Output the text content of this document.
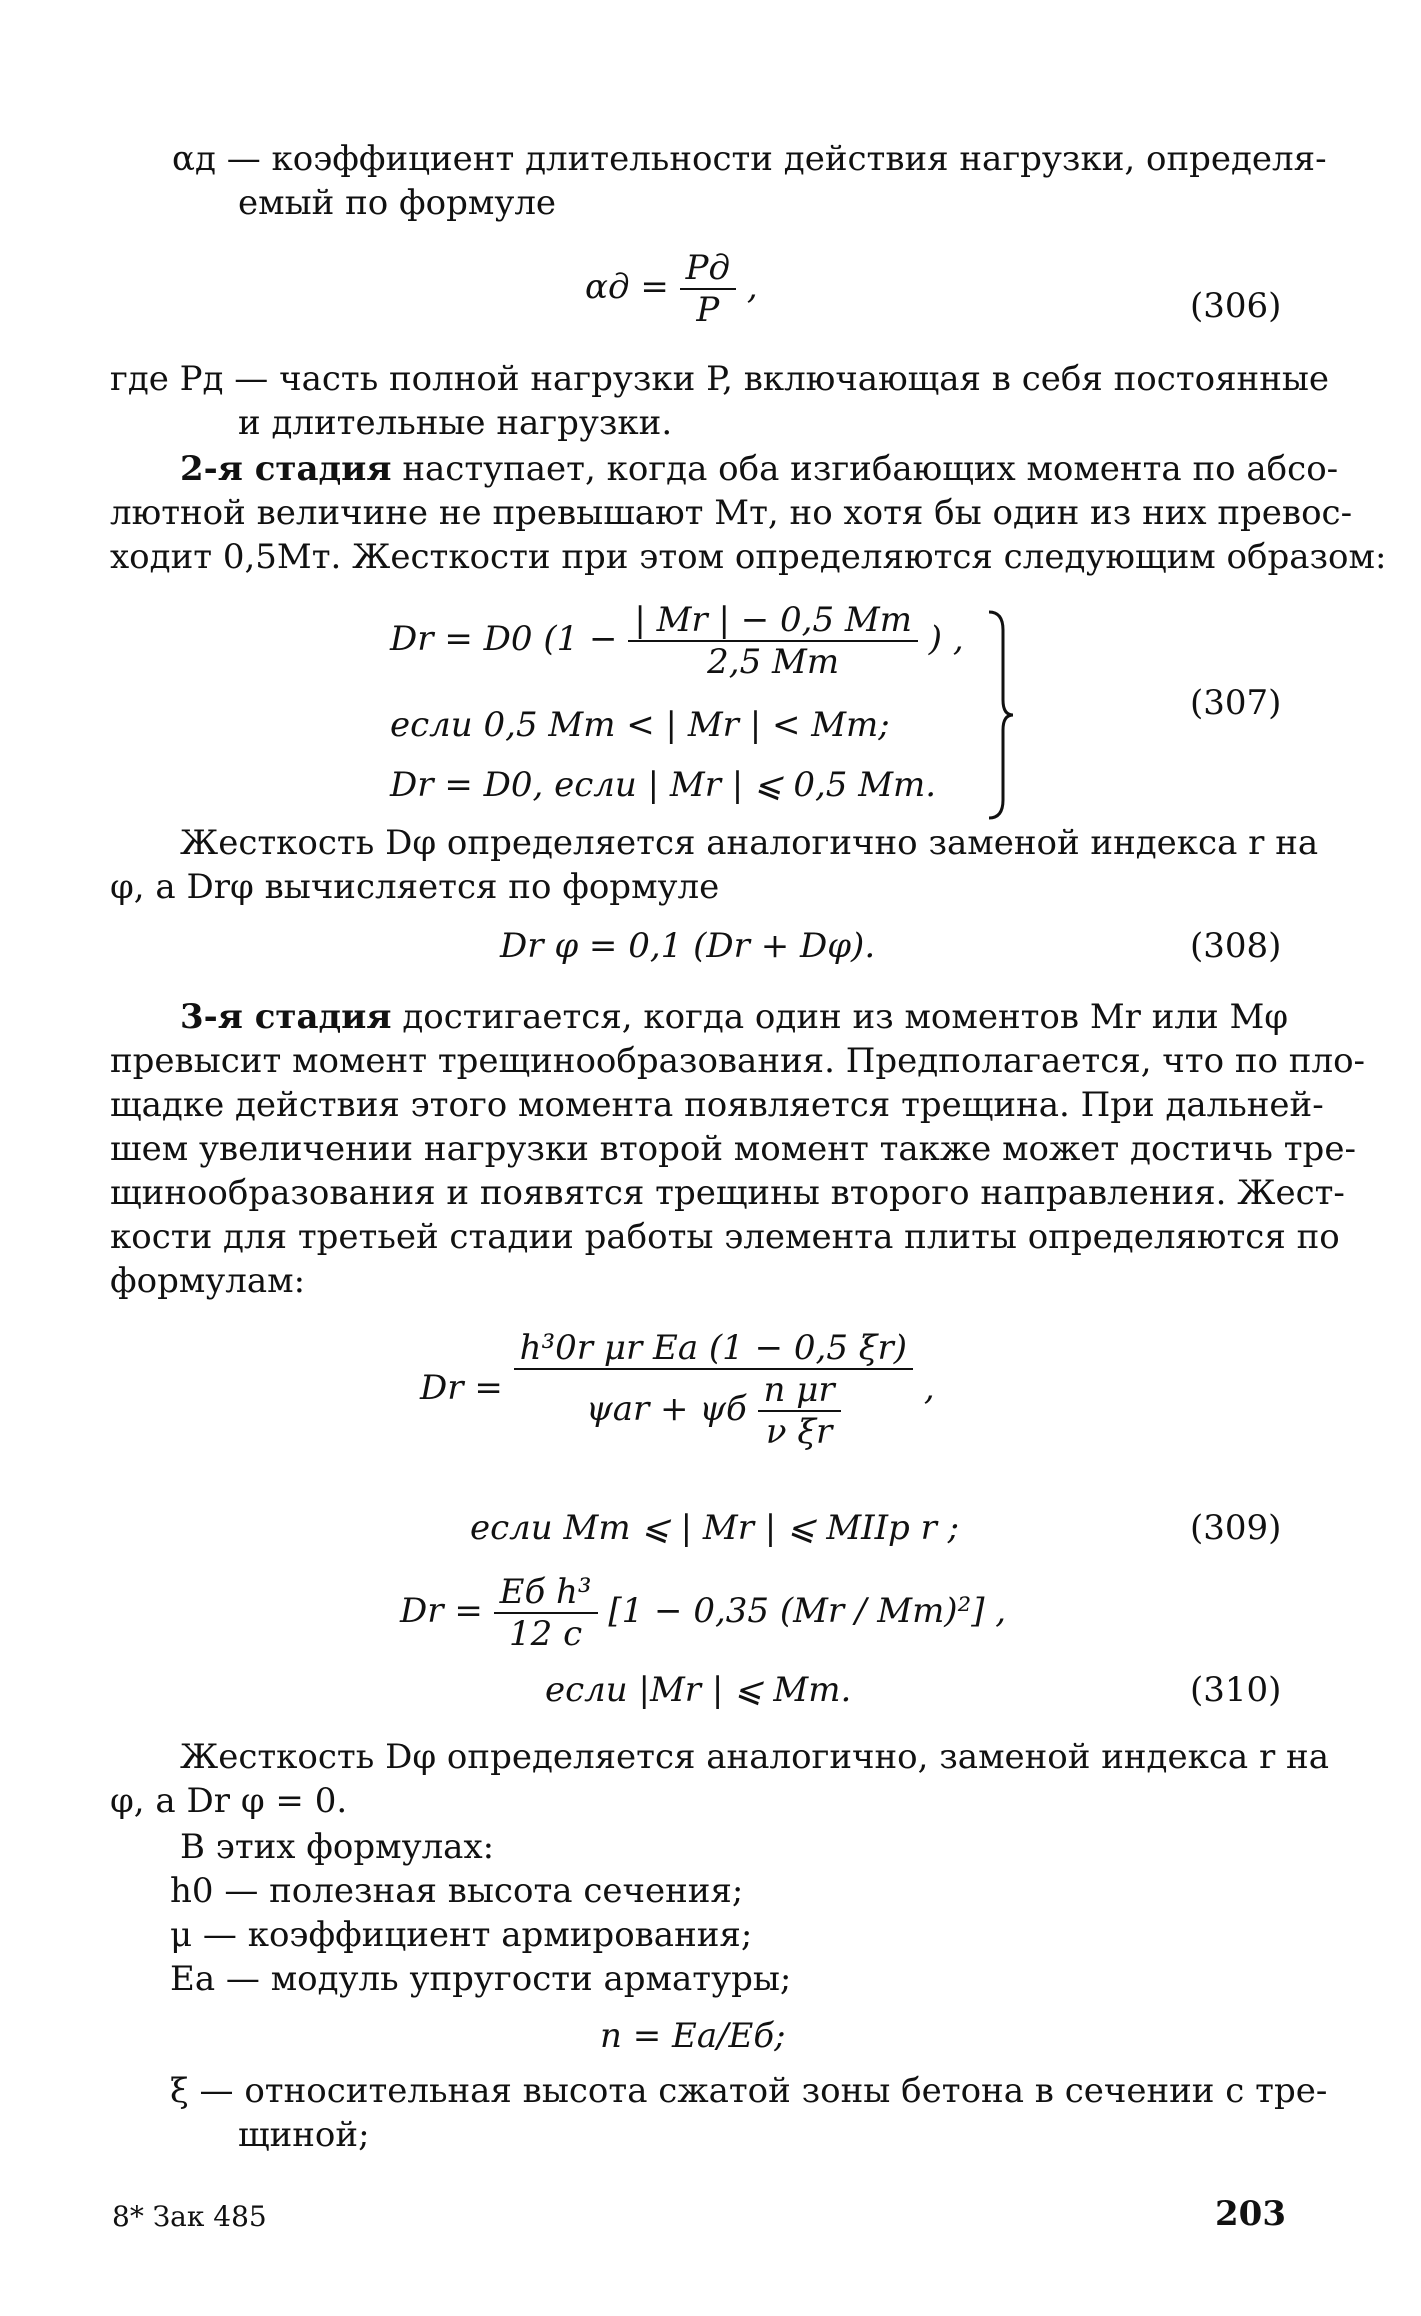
αд — коэффициент длительности действия нагрузки, определя-
емый по формуле
$\alpha д = \frac{Pд}{P}$ ,	(306)
где Pд — часть полной нагрузки P, включающая в себя постоянные
и длительные нагрузки.
2-я стадия наступает, когда оба изгибающих момента по абсо-
лютной величине не превышают Mт, но хотя бы один из них превос-
ходит 0,5Mт. Жесткости при этом определяются следующим образом:
Dr = D0 ($1 - \frac{| Mr | - 0,5 Mт}{2,5 Mт}$ ) ,
если 0,5 Mт < | Mr | < Mт;
Dr = D0, если | Mr | ⩽ 0,5 Mт.
(307)
Жесткость Dφ определяется аналогично заменой индекса r на
φ, а Drφ вычисляется по формуле
Dr φ = 0,1 (Dr + Dφ).	(308)
3-я стадия достигается, когда один из моментов Mr или Mφ
превысит момент трещинообразования. Предполагается, что по пло-
щадке действия этого момента появляется трещина. При дальней-
шем увеличении нагрузки второй момент также может достичь тре-
щинообразования и появятся трещины второго направления. Жест-
кости для третьей стадии работы элемента плиты определяются по
формулам:
$Dr = \frac{\text{h³0r μr Eа (1 − 0,5 ξr)}}{\psi ar + \psi б \frac{\text{n μr}}{\text{ν ξr}}}$ ,
если Mт ⩽ | Mr | ⩽ MIIp r ;	(309)
$Dr = \frac{\text{Eб h³}}{12 c} [1 - 0,35$ (Mr / Mт)²] ,
если |Mr | ⩽ Mт.	(310)
Жесткость Dφ определяется аналогично, заменой индекса r на
φ, а Dr φ = 0.
В этих формулах:
h0 — полезная высота сечения;
μ — коэффициент армирования;
Eа — модуль упругости арматуры;
n = Eа/Eб;
ξ — относительная высота сжатой зоны бетона в сечении с тре-
щиной;
8* Зак 485	203
